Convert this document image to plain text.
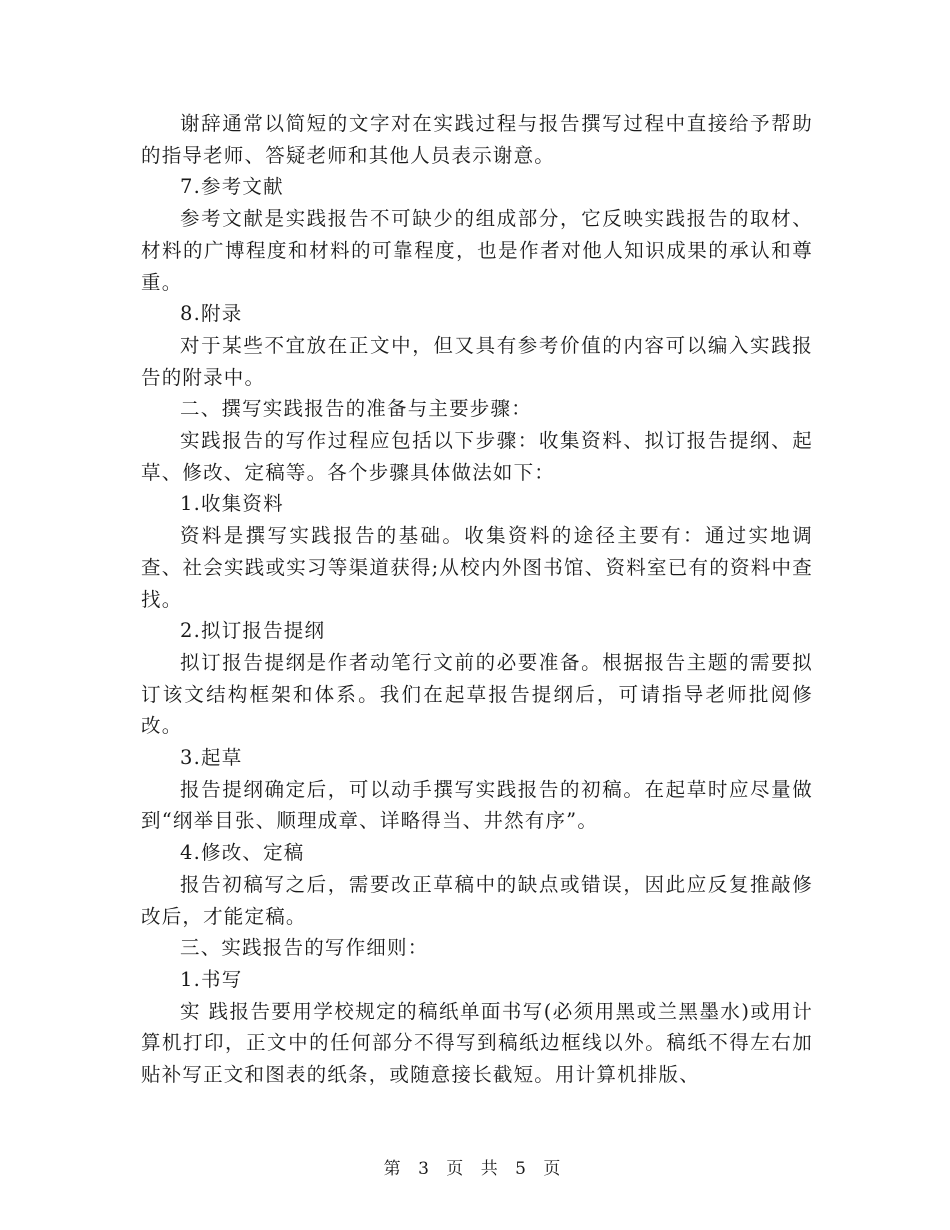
谢辞通常以简短的文字对在实践过程与报告撰写过程中直接给予帮助的指导老师、答疑老师和其他人员表示谢意。

7.参考文献

参考文献是实践报告不可缺少的组成部分，它反映实践报告的取材、材料的广博程度和材料的可靠程度，也是作者对他人知识成果的承认和尊重。

8.附录

对于某些不宜放在正文中，但又具有参考价值的内容可以编入实践报告的附录中。

二、撰写实践报告的准备与主要步骤：

实践报告的写作过程应包括以下步骤：收集资料、拟订报告提纲、起草、修改、定稿等。各个步骤具体做法如下：

1.收集资料

资料是撰写实践报告的基础。收集资料的途径主要有：通过实地调查、社会实践或实习等渠道获得;从校内外图书馆、资料室已有的资料中查找。

2.拟订报告提纲

拟订报告提纲是作者动笔行文前的必要准备。根据报告主题的需要拟订该文结构框架和体系。我们在起草报告提纲后，可请指导老师批阅修改。

3.起草

报告提纲确定后，可以动手撰写实践报告的初稿。在起草时应尽量做到“纲举目张、顺理成章、详略得当、井然有序”。

4.修改、定稿

报告初稿写之后，需要改正草稿中的缺点或错误，因此应反复推敲修改后，才能定稿。

三、实践报告的写作细则：

1.书写

实 践报告要用学校规定的稿纸单面书写(必须用黑或兰黑墨水)或用计算机打印，正文中的任何部分不得写到稿纸边框线以外。稿纸不得左右加贴补写正文和图表的纸条，或随意接长截短。用计算机排版、

第 3 页 共 5 页
